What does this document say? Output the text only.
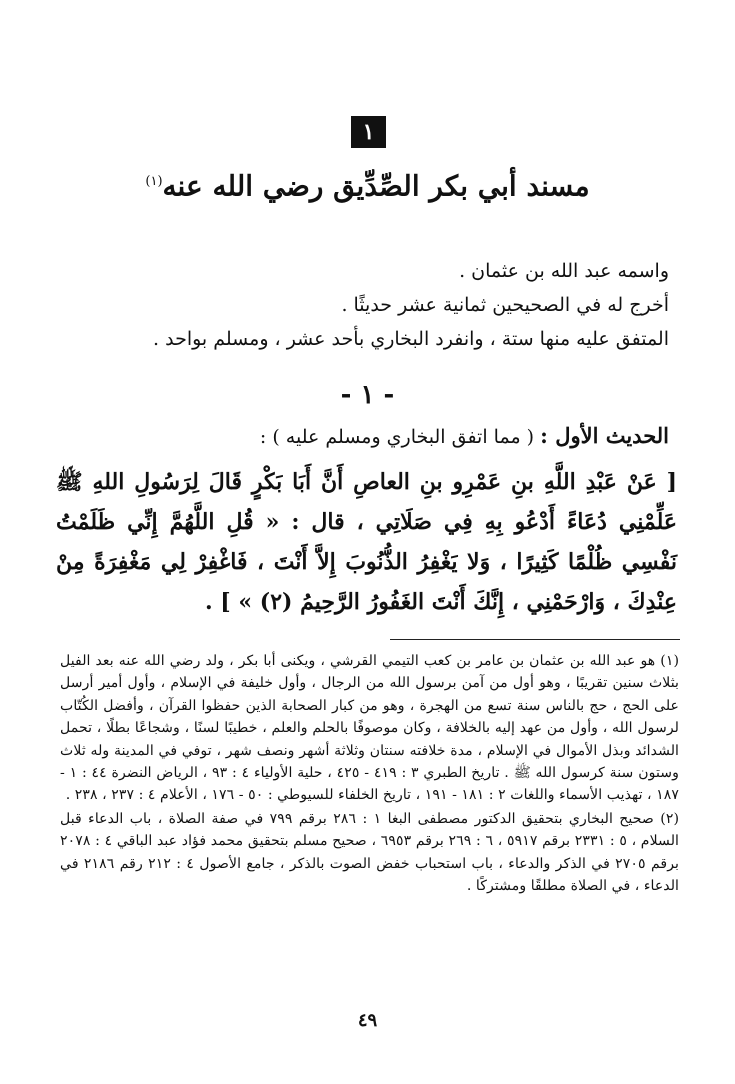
١
مسند أبي بكر الصِّدِّيق رضي الله عنه$^{(١)}$
واسمه عبد الله بن عثمان .
أخرج له في الصحيحين ثمانية عشر حديثًا .
المتفق عليه منها ستة ، وانفرد البخاري بأحد عشر ، ومسلم بواحد .
- ١ -
الحديث الأول : ( مما اتفق البخاري ومسلم عليه ) :
[ عَنْ عَبْدِ اللَّهِ بنِ عَمْرِو بنِ العاصِ أَنَّ أَبَا بَكْرٍ قَالَ لِرَسُولِ اللهِ ﷺ عَلِّمْنِي دُعَاءً أَدْعُو بِهِ فِي صَلَاتِي ، قال : « قُلِ اللَّهُمَّ إِنِّي ظَلَمْتُ نَفْسِي ظُلْمًا كَثِيرًا ، وَلا يَغْفِرُ الذُّنُوبَ إِلاَّ أَنْتَ ، فَاغْفِرْ لِي مَغْفِرَةً مِنْ عِنْدِكَ ، وَارْحَمْنِي ، إِنَّكَ أَنْتَ الغَفُورُ الرَّحِيمُ (٢) » ] .

(١) هو عبد الله بن عثمان بن عامر بن كعب التيمي القرشي ، ويكنى أبا بكر ، ولد رضي الله عنه بعد الفيل بثلاث سنين تقريبًا ، وهو أول من آمن برسول الله من الرجال ، وأول خليفة في الإسلام ، وأول أمير أرسل على الحج ، حج بالناس سنة تسع من الهجرة ، وهو من كبار الصحابة الذين حفظوا القرآن ، وأفضل الكُتّاب لرسول الله ، وأول من عهد إليه بالخلافة ، وكان موصوفًا بالحلم والعلم ، خطيبًا لسنًا ، وشجاعًا بطلًا ، تحمل الشدائد وبذل الأموال في الإسلام ، مدة خلافته سنتان وثلاثة أشهر ونصف شهر ، توفي في المدينة وله ثلاث وستون سنة كرسول الله ﷺ . تاريخ الطبري ٣ : ٤١٩ - ٤٢٥ ، حلية الأولياء ٤ : ٩٣ ، الرياض النضرة ٤٤ : ١ - ١٨٧ ، تهذيب الأسماء واللغات ٢ : ١٨١ - ١٩١ ، تاريخ الخلفاء للسيوطي : ٥٠ - ١٧٦ ، الأعلام ٤ : ٢٣٧ ، ٢٣٨ .

(٢) صحيح البخاري بتحقيق الدكتور مصطفى البغا ١ : ٢٨٦ برقم ٧٩٩ في صفة الصلاة ، باب الدعاء قبل السلام ، ٥ : ٢٣٣١ برقم ٥٩١٧ ، ٦ : ٢٦٩ برقم ٦٩٥٣ ، صحيح مسلم بتحقيق محمد فؤاد عبد الباقي ٤ : ٢٠٧٨ برقم ٢٧٠٥ في الذكر والدعاء ، باب استحباب خفض الصوت بالذكر ، جامع الأصول ٤ : ٢١٢ رقم ٢١٨٦ في الدعاء ، في الصلاة مطلقًا ومشتركًا .

٤٩
